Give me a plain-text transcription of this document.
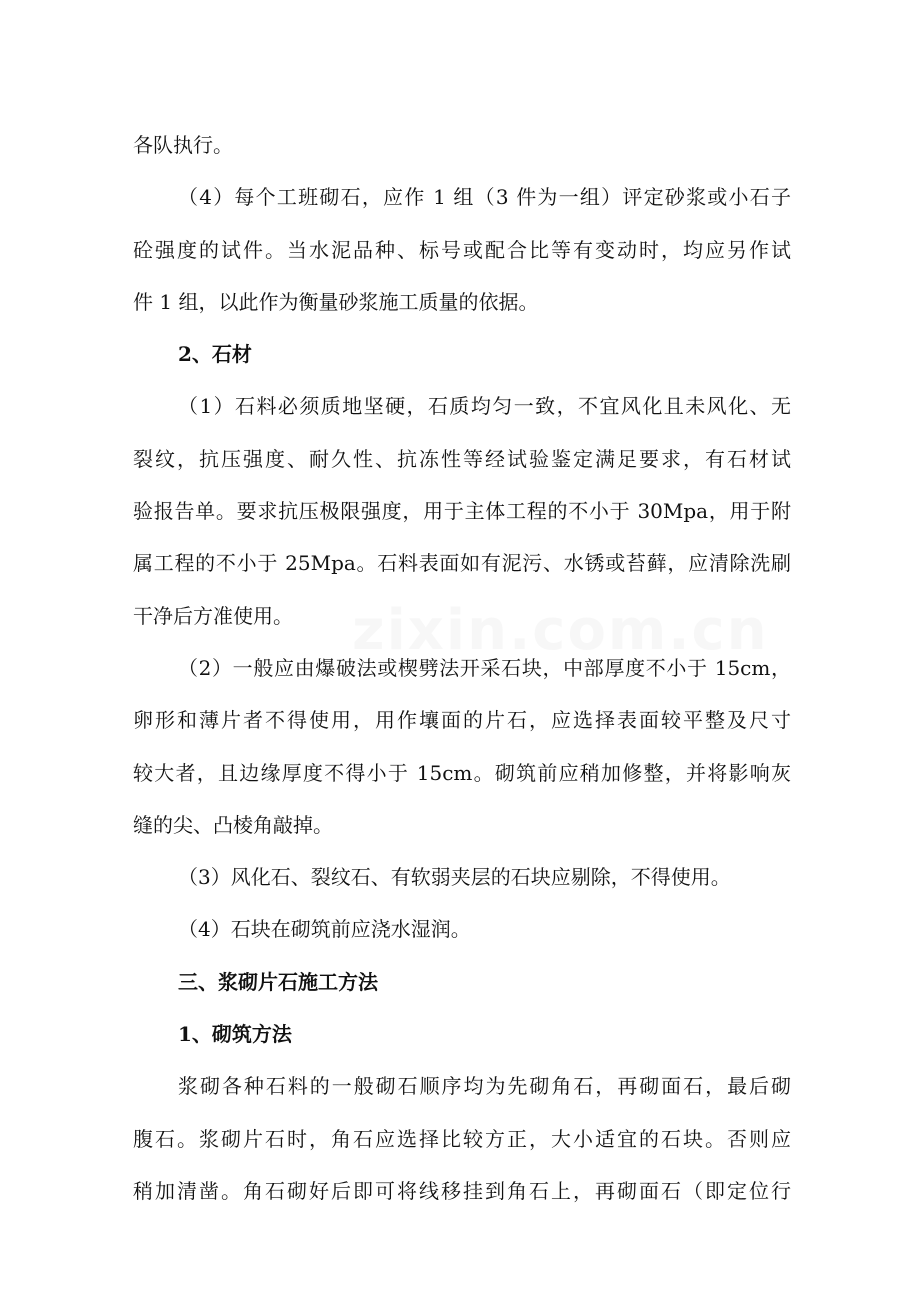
zixin.com.cn
各队执行。
（4）每个工班砌石，应作 1 组（3 件为一组）评定砂浆或小石子
砼强度的试件。当水泥品种、标号或配合比等有变动时，均应另作试
件 1 组，以此作为衡量砂浆施工质量的依据。
2、石材
（1）石料必须质地坚硬，石质均匀一致，不宜风化且未风化、无
裂纹，抗压强度、耐久性、抗冻性等经试验鉴定满足要求，有石材试
验报告单。要求抗压极限强度，用于主体工程的不小于 30Mpa，用于附
属工程的不小于 25Mpa。石料表面如有泥污、水锈或苔藓，应清除洗刷
干净后方准使用。
（2）一般应由爆破法或楔劈法开采石块，中部厚度不小于 15cm，
卵形和薄片者不得使用，用作壤面的片石，应选择表面较平整及尺寸
较大者，且边缘厚度不得小于 15cm。砌筑前应稍加修整，并将影响灰
缝的尖、凸棱角敲掉。
（3）风化石、裂纹石、有软弱夹层的石块应剔除，不得使用。
（4）石块在砌筑前应浇水湿润。
三、浆砌片石施工方法
1、砌筑方法
浆砌各种石料的一般砌石顺序均为先砌角石，再砌面石，最后砌
腹石。浆砌片石时，角石应选择比较方正，大小适宜的石块。否则应
稍加清凿。角石砌好后即可将线移挂到角石上，再砌面石（即定位行
